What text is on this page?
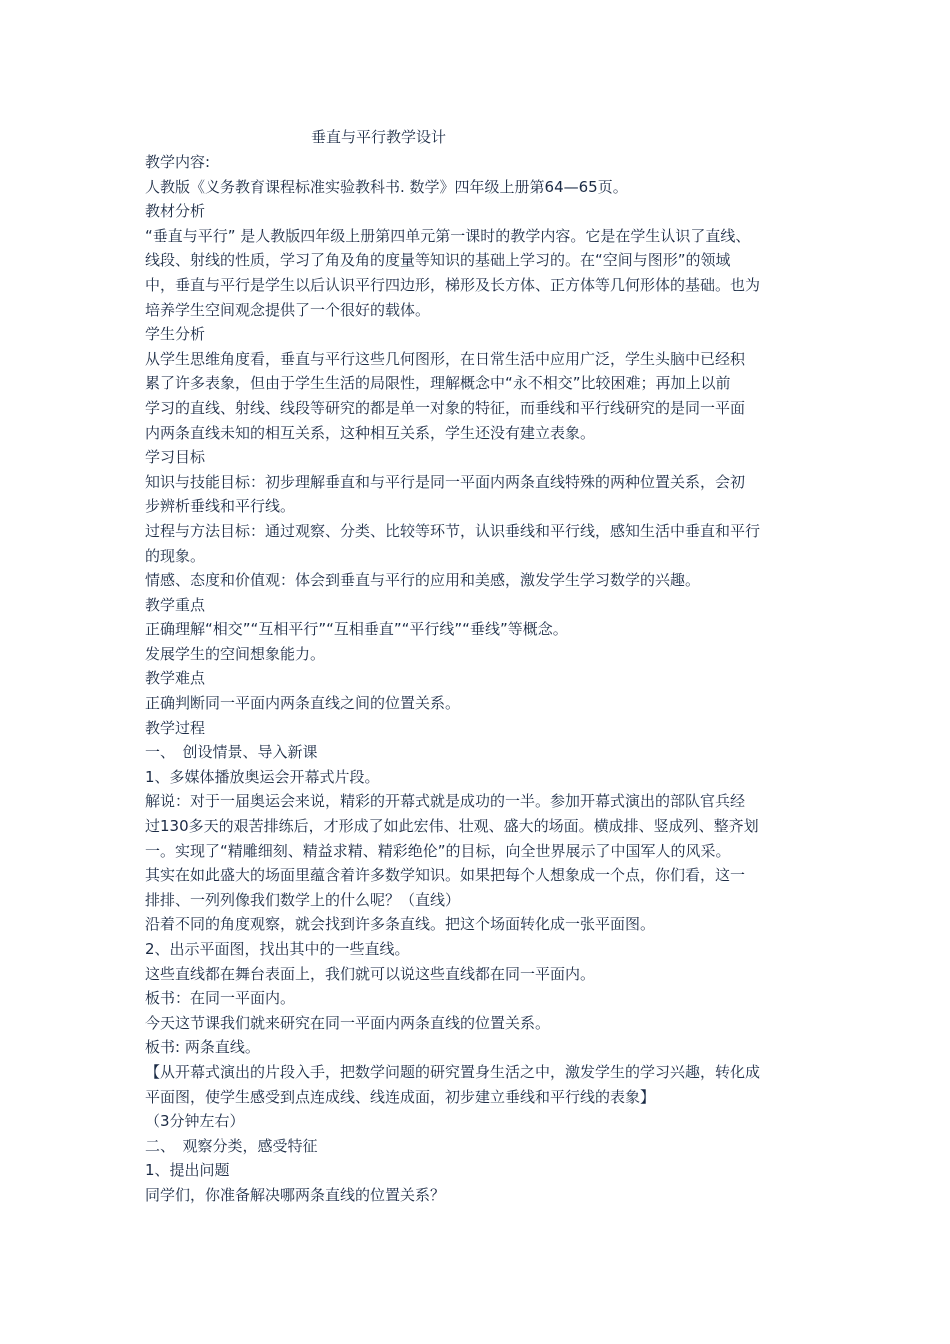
垂直与平行教学设计
教学内容:
人教版《义务教育课程标准实验教科书. 数学》四年级上册第64—65页。
教材分析
“垂直与平行” 是人教版四年级上册第四单元第一课时的教学内容。它是在学生认识了直线、
线段、射线的性质，学习了角及角的度量等知识的基础上学习的。在“空间与图形”的领域
中，垂直与平行是学生以后认识平行四边形，梯形及长方体、正方体等几何形体的基础。也为
培养学生空间观念提供了一个很好的载体。
学生分析
从学生思维角度看，垂直与平行这些几何图形，在日常生活中应用广泛，学生头脑中已经积
累了许多表象，但由于学生生活的局限性，理解概念中“永不相交”比较困难；再加上以前
学习的直线、射线、线段等研究的都是单一对象的特征，而垂线和平行线研究的是同一平面
内两条直线未知的相互关系，这种相互关系，学生还没有建立表象。
学习目标
知识与技能目标：初步理解垂直和与平行是同一平面内两条直线特殊的两种位置关系，会初
步辨析垂线和平行线。
过程与方法目标：通过观察、分类、比较等环节，认识垂线和平行线，感知生活中垂直和平行
的现象。
情感、态度和价值观：体会到垂直与平行的应用和美感，激发学生学习数学的兴趣。
教学重点
正确理解“相交”“互相平行”“互相垂直”“平行线”“垂线”等概念。
发展学生的空间想象能力。
教学难点
正确判断同一平面内两条直线之间的位置关系。
教学过程
一、　创设情景、导入新课
1、多媒体播放奥运会开幕式片段。
解说：对于一届奥运会来说，精彩的开幕式就是成功的一半。参加开幕式演出的部队官兵经
过130多天的艰苦排练后，才形成了如此宏伟、壮观、盛大的场面。横成排、竖成列、整齐划
一。实现了“精雕细刻、精益求精、精彩绝伦”的目标，向全世界展示了中国军人的风采。
其实在如此盛大的场面里蕴含着许多数学知识。如果把每个人想象成一个点，你们看，这一
排排、一列列像我们数学上的什么呢？（直线）
沿着不同的角度观察，就会找到许多条直线。把这个场面转化成一张平面图。
2、出示平面图，找出其中的一些直线。
这些直线都在舞台表面上，我们就可以说这些直线都在同一平面内。
板书：在同一平面内。
今天这节课我们就来研究在同一平面内两条直线的位置关系。
板书: 两条直线。
【从开幕式演出的片段入手，把数学问题的研究置身生活之中，激发学生的学习兴趣，转化成
平面图，使学生感受到点连成线、线连成面，初步建立垂线和平行线的表象】
（3分钟左右）
二、　观察分类，感受特征
1、提出问题
同学们，你准备解决哪两条直线的位置关系？
